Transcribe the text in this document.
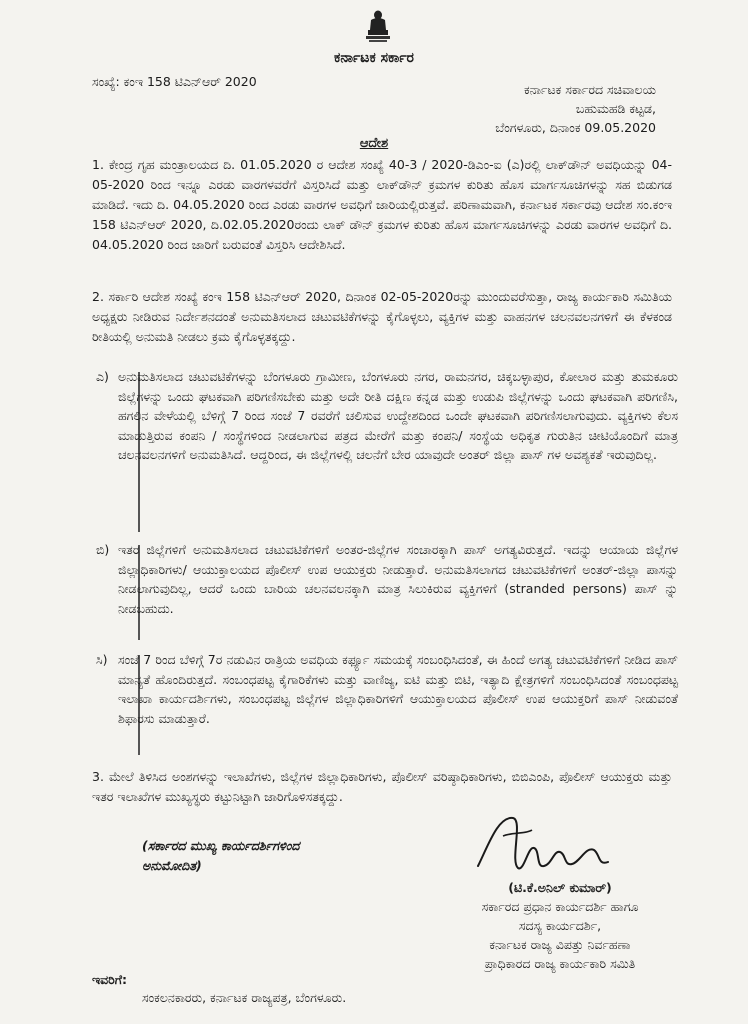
ಕರ್ನಾಟಕ ಸರ್ಕಾರ
ಸಂಖ್ಯೆ: ಕಂಇ 158 ಟಿಎನ್‌ಆರ್ 2020
ಕರ್ನಾಟಕ ಸರ್ಕಾರದ ಸಚಿವಾಲಯ
ಬಹುಮಹಡಿ ಕಟ್ಟಡ,
ಬೆಂಗಳೂರು, ದಿನಾಂಕ 09.05.2020
ಆದೇಶ
1. ಕೇಂದ್ರ ಗೃಹ ಮಂತ್ರಾಲಯದ ದಿ. 01.05.2020 ರ ಆದೇಶ ಸಂಖ್ಯೆ 40-3 / 2020-ಡಿಎಂ-ಐ (ಎ)ರಲ್ಲಿ ಲಾಕ್‌ಡೌನ್ ಅವಧಿಯನ್ನು 04-05-2020 ರಿಂದ ಇನ್ನೂ ಎರಡು ವಾರಗಳವರೆಗೆ ವಿಸ್ತರಿಸಿದೆ ಮತ್ತು ಲಾಕ್‌ಡೌನ್ ಕ್ರಮಗಳ ಕುರಿತು ಹೊಸ ಮಾರ್ಗಸೂಚಿಗಳನ್ನು ಸಹ ಬಿಡುಗಡ ಮಾಡಿದೆ. ಇದು ದಿ. 04.05.2020 ರಿಂದ ಎರಡು ವಾರಗಳ ಅವಧಿಗೆ ಜಾರಿಯಲ್ಲಿರುತ್ತವೆ. ಪರಿಣಾಮವಾಗಿ, ಕರ್ನಾಟಕ ಸರ್ಕಾರವು ಆದೇಶ ಸಂ.ಕಂಇ 158 ಟಿಎನ್‌ಆರ್ 2020, ದಿ.02.05.2020ರಂದು ಲಾಕ್ ಡೌನ್ ಕ್ರಮಗಳ ಕುರಿತು ಹೊಸ ಮಾರ್ಗಸೂಚಿಗಳನ್ನು ಎರಡು ವಾರಗಳ ಅವಧಿಗೆ ದಿ. 04.05.2020 ರಿಂದ ಜಾರಿಗೆ ಬರುವಂತೆ ವಿಸ್ತರಿಸಿ ಆದೇಶಿಸಿದೆ.
2. ಸರ್ಕಾರಿ ಆದೇಶ ಸಂಖ್ಯೆ ಕಂಇ 158 ಟಿಎನ್‌ಆರ್ 2020, ದಿನಾಂಕ 02-05-2020ರನ್ನು ಮುಂದುವರೆಸುತ್ತಾ, ರಾಜ್ಯ ಕಾರ್ಯಕಾರಿ ಸಮಿತಿಯ ಅಧ್ಯಕ್ಷರು ನೀಡಿರುವ ನಿರ್ದೇಶನದಂತೆ ಅನುಮತಿಸಲಾದ ಚಟುವಟಿಕೆಗಳನ್ನು ಕೈಗೊಳ್ಳಲು, ವ್ಯಕ್ತಿಗಳ ಮತ್ತು ವಾಹನಗಳ ಚಲನವಲನಗಳಿಗೆ ಈ ಕೆಳಕಂಡ ರೀತಿಯಲ್ಲಿ ಅನುಮತಿ ನೀಡಲು ಕ್ರಮ ಕೈಗೊಳ್ಳತಕ್ಕದ್ದು.
ಎ) ಅನುಮತಿಸಲಾದ ಚಟುವಟಿಕೆಗಳನ್ನು ಬೆಂಗಳೂರು ಗ್ರಾಮೀಣ, ಬೆಂಗಳೂರು ನಗರ, ರಾಮನಗರ, ಚಿಕ್ಕಬಳ್ಳಾಪುರ, ಕೋಲಾರ ಮತ್ತು ತುಮಕೂರು ಜಿಲ್ಲೆಗಳನ್ನು ಒಂದು ಘಟಕವಾಗಿ ಪರಿಗಣಿಸಬೇಕು ಮತ್ತು ಅದೇ ರೀತಿ ದಕ್ಷಿಣ ಕನ್ನಡ ಮತ್ತು ಉಡುಪಿ ಜಿಲ್ಲೆಗಳನ್ನು ಒಂದು ಘಟಕವಾಗಿ ಪರಿಗಣಿಸಿ, ಹಗಲಿನ ವೇಳೆಯಲ್ಲಿ ಬೆಳಿಗ್ಗೆ 7 ರಿಂದ ಸಂಜೆ 7 ರವರೆಗೆ ಚಲಿಸುವ ಉದ್ದೇಶದಿಂದ ಒಂದೇ ಘಟಕವಾಗಿ ಪರಿಗಣಿಸಲಾಗುವುದು. ವ್ಯಕ್ತಿಗಳು ಕೆಲಸ ಮಾಡುತ್ತಿರುವ ಕಂಪನಿ / ಸಂಸ್ಥೆಗಳಿಂದ ನೀಡಲಾಗುವ ಪತ್ರದ ಮೇರೆಗೆ ಮತ್ತು ಕಂಪನಿ/ ಸಂಸ್ಥೆಯ ಅಧಿಕೃತ ಗುರುತಿನ ಚೀಟಿಯೊಂದಿಗೆ ಮಾತ್ರ ಚಲನವಲನಗಳಿಗೆ ಅನುಮತಿಸಿದೆ. ಆದ್ದರಿಂದ, ಈ ಜಿಲ್ಲೆಗಳಲ್ಲಿ ಚಲನೆಗೆ ಬೇರ ಯಾವುದೇ ಅಂತರ್ ಜಿಲ್ಲಾ ಪಾಸ್ ಗಳ ಅವಶ್ಯಕತೆ ಇರುವುದಿಲ್ಲ.
ಬಿ) ಇತರ ಜಿಲ್ಲೆಗಳಿಗೆ ಅನುಮತಿಸಲಾದ ಚಟುವಟಿಕೆಗಳಿಗೆ ಅಂತರ-ಜಿಲ್ಲೆಗಳ ಸಂಚಾರಕ್ಕಾಗಿ ಪಾಸ್ ಅಗತ್ಯವಿರುತ್ತದೆ. ಇದನ್ನು ಆಯಾಯ ಜಿಲ್ಲೆಗಳ ಜಿಲ್ಲಾಧಿಕಾರಿಗಳು/ ಆಯುಕ್ತಾಲಯದ ಪೊಲೀಸ್ ಉಪ ಆಯುಕ್ತರು ನೀಡುತ್ತಾರೆ. ಅನುಮತಿಸಲಾಗದ ಚಟುವಟಿಕೆಗಳಿಗೆ ಅಂತರ್-ಜಿಲ್ಲಾ ಪಾಸನ್ನು ನೀಡಲಾಗುವುದಿಲ್ಲ, ಆದರೆ ಒಂದು ಬಾರಿಯ ಚಲನವಲನಕ್ಕಾಗಿ ಮಾತ್ರ ಸಿಲುಕಿರುವ ವ್ಯಕ್ತಿಗಳಿಗೆ (stranded persons) ಪಾಸ್ ನ್ನು ನೀಡಬಹುದು.
ಸಿ) ಸಂಜೆ 7 ರಿಂದ ಬೆಳಿಗ್ಗೆ 7ರ ನಡುವಿನ ರಾತ್ರಿಯ ಅವಧಿಯ ಕರ್ಫ್ಯೂ ಸಮಯಕ್ಕೆ ಸಂಬಂಧಿಸಿದಂತೆ, ಈ ಹಿಂದೆ ಅಗತ್ಯ ಚಟುವಟಿಕೆಗಳಿಗೆ ನೀಡಿದ ಪಾಸ್ ಮಾನ್ಯತೆ ಹೊಂದಿರುತ್ತದೆ. ಸಂಬಂಧಪಟ್ಟ ಕೈಗಾರಿಕೆಗಳು ಮತ್ತು ವಾಣಿಜ್ಯ, ಐಟಿ ಮತ್ತು ಬಿಟಿ, ಇತ್ಯಾದಿ ಕ್ಷೇತ್ರಗಳಿಗೆ ಸಂಬಂಧಿಸಿದಂತೆ ಸಂಬಂಧಪಟ್ಟ ಇಲಾಖಾ ಕಾರ್ಯದರ್ಶಿಗಳು, ಸಂಬಂಧಪಟ್ಟ ಜಿಲ್ಲೆಗಳ ಜಿಲ್ಲಾಧಿಕಾರಿಗಳಿಗೆ ಆಯುಕ್ತಾಲಯದ ಪೊಲೀಸ್ ಉಪ ಆಯುಕ್ತರಿಗೆ ಪಾಸ್ ನೀಡುವಂತೆ ಶಿಫಾರಸು ಮಾಡುತ್ತಾರೆ.
3. ಮೇಲೆ ತಿಳಿಸಿದ ಅಂಶಗಳನ್ನು ಇಲಾಖೆಗಳು, ಜಿಲ್ಲೆಗಳ ಜಿಲ್ಲಾಧಿಕಾರಿಗಳು, ಪೊಲೀಸ್ ವರಿಷ್ಠಾಧಿಕಾರಿಗಳು, ಬಿಬಿಎಂಪಿ, ಪೊಲೀಸ್ ಆಯುಕ್ತರು ಮತ್ತು ಇತರ ಇಲಾಖೆಗಳ ಮುಖ್ಯಸ್ಥರು ಕಟ್ಟುನಿಟ್ಟಾಗಿ ಜಾರಿಗೊಳಿಸತಕ್ಕದ್ದು.
(ಸರ್ಕಾರದ ಮುಖ್ಯ ಕಾರ್ಯದರ್ಶಿಗಳಿಂದ
ಅನುಮೋದಿತ)
(ಟಿ.ಕೆ.ಅನಿಲ್ ಕುಮಾರ್)
ಸರ್ಕಾರದ ಪ್ರಧಾನ ಕಾರ್ಯದರ್ಶಿ ಹಾಗೂ
ಸದಸ್ಯ ಕಾರ್ಯದರ್ಶಿ,
ಕರ್ನಾಟಕ ರಾಜ್ಯ ವಿಪತ್ತು ನಿರ್ವಹಣಾ
ಪ್ರಾಧಿಕಾರದ ರಾಜ್ಯ ಕಾರ್ಯಕಾರಿ ಸಮಿತಿ
ಇವರಿಗೆ:
ಸಂಕಲನಕಾರರು, ಕರ್ನಾಟಕ ರಾಜ್ಯಪತ್ರ, ಬೆಂಗಳೂರು.
